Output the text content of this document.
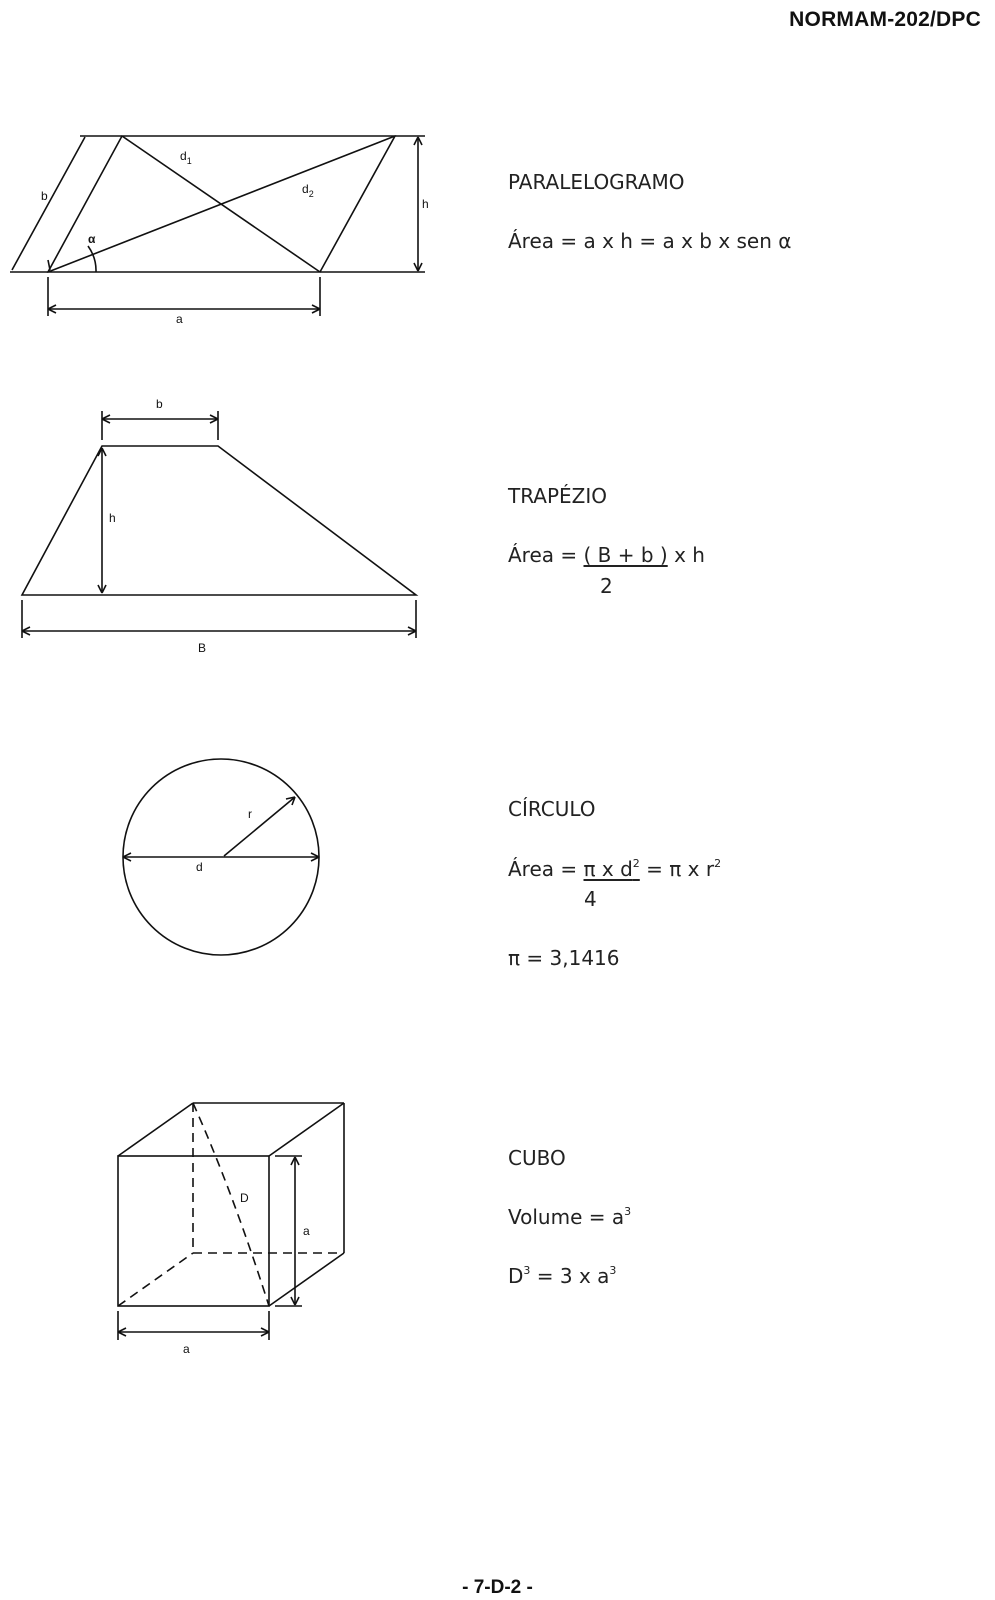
NORMAM-202/DPC
b
$d_1$
$d_2$
h
α
a
b
h
B
r
d
D
a
a
PARALELOGRAMO
Área = a x h = a x b x sen α
TRAPÉZIO
Área = ( B + b ) x h
2
CÍRCULO
Área = π x $d^2 = \pi$ x $r^2$
4
π = 3,1416
CUBO
Volume = $a^3$
$D^3 = 3$ x $a^3$
- 7-D-2 -
